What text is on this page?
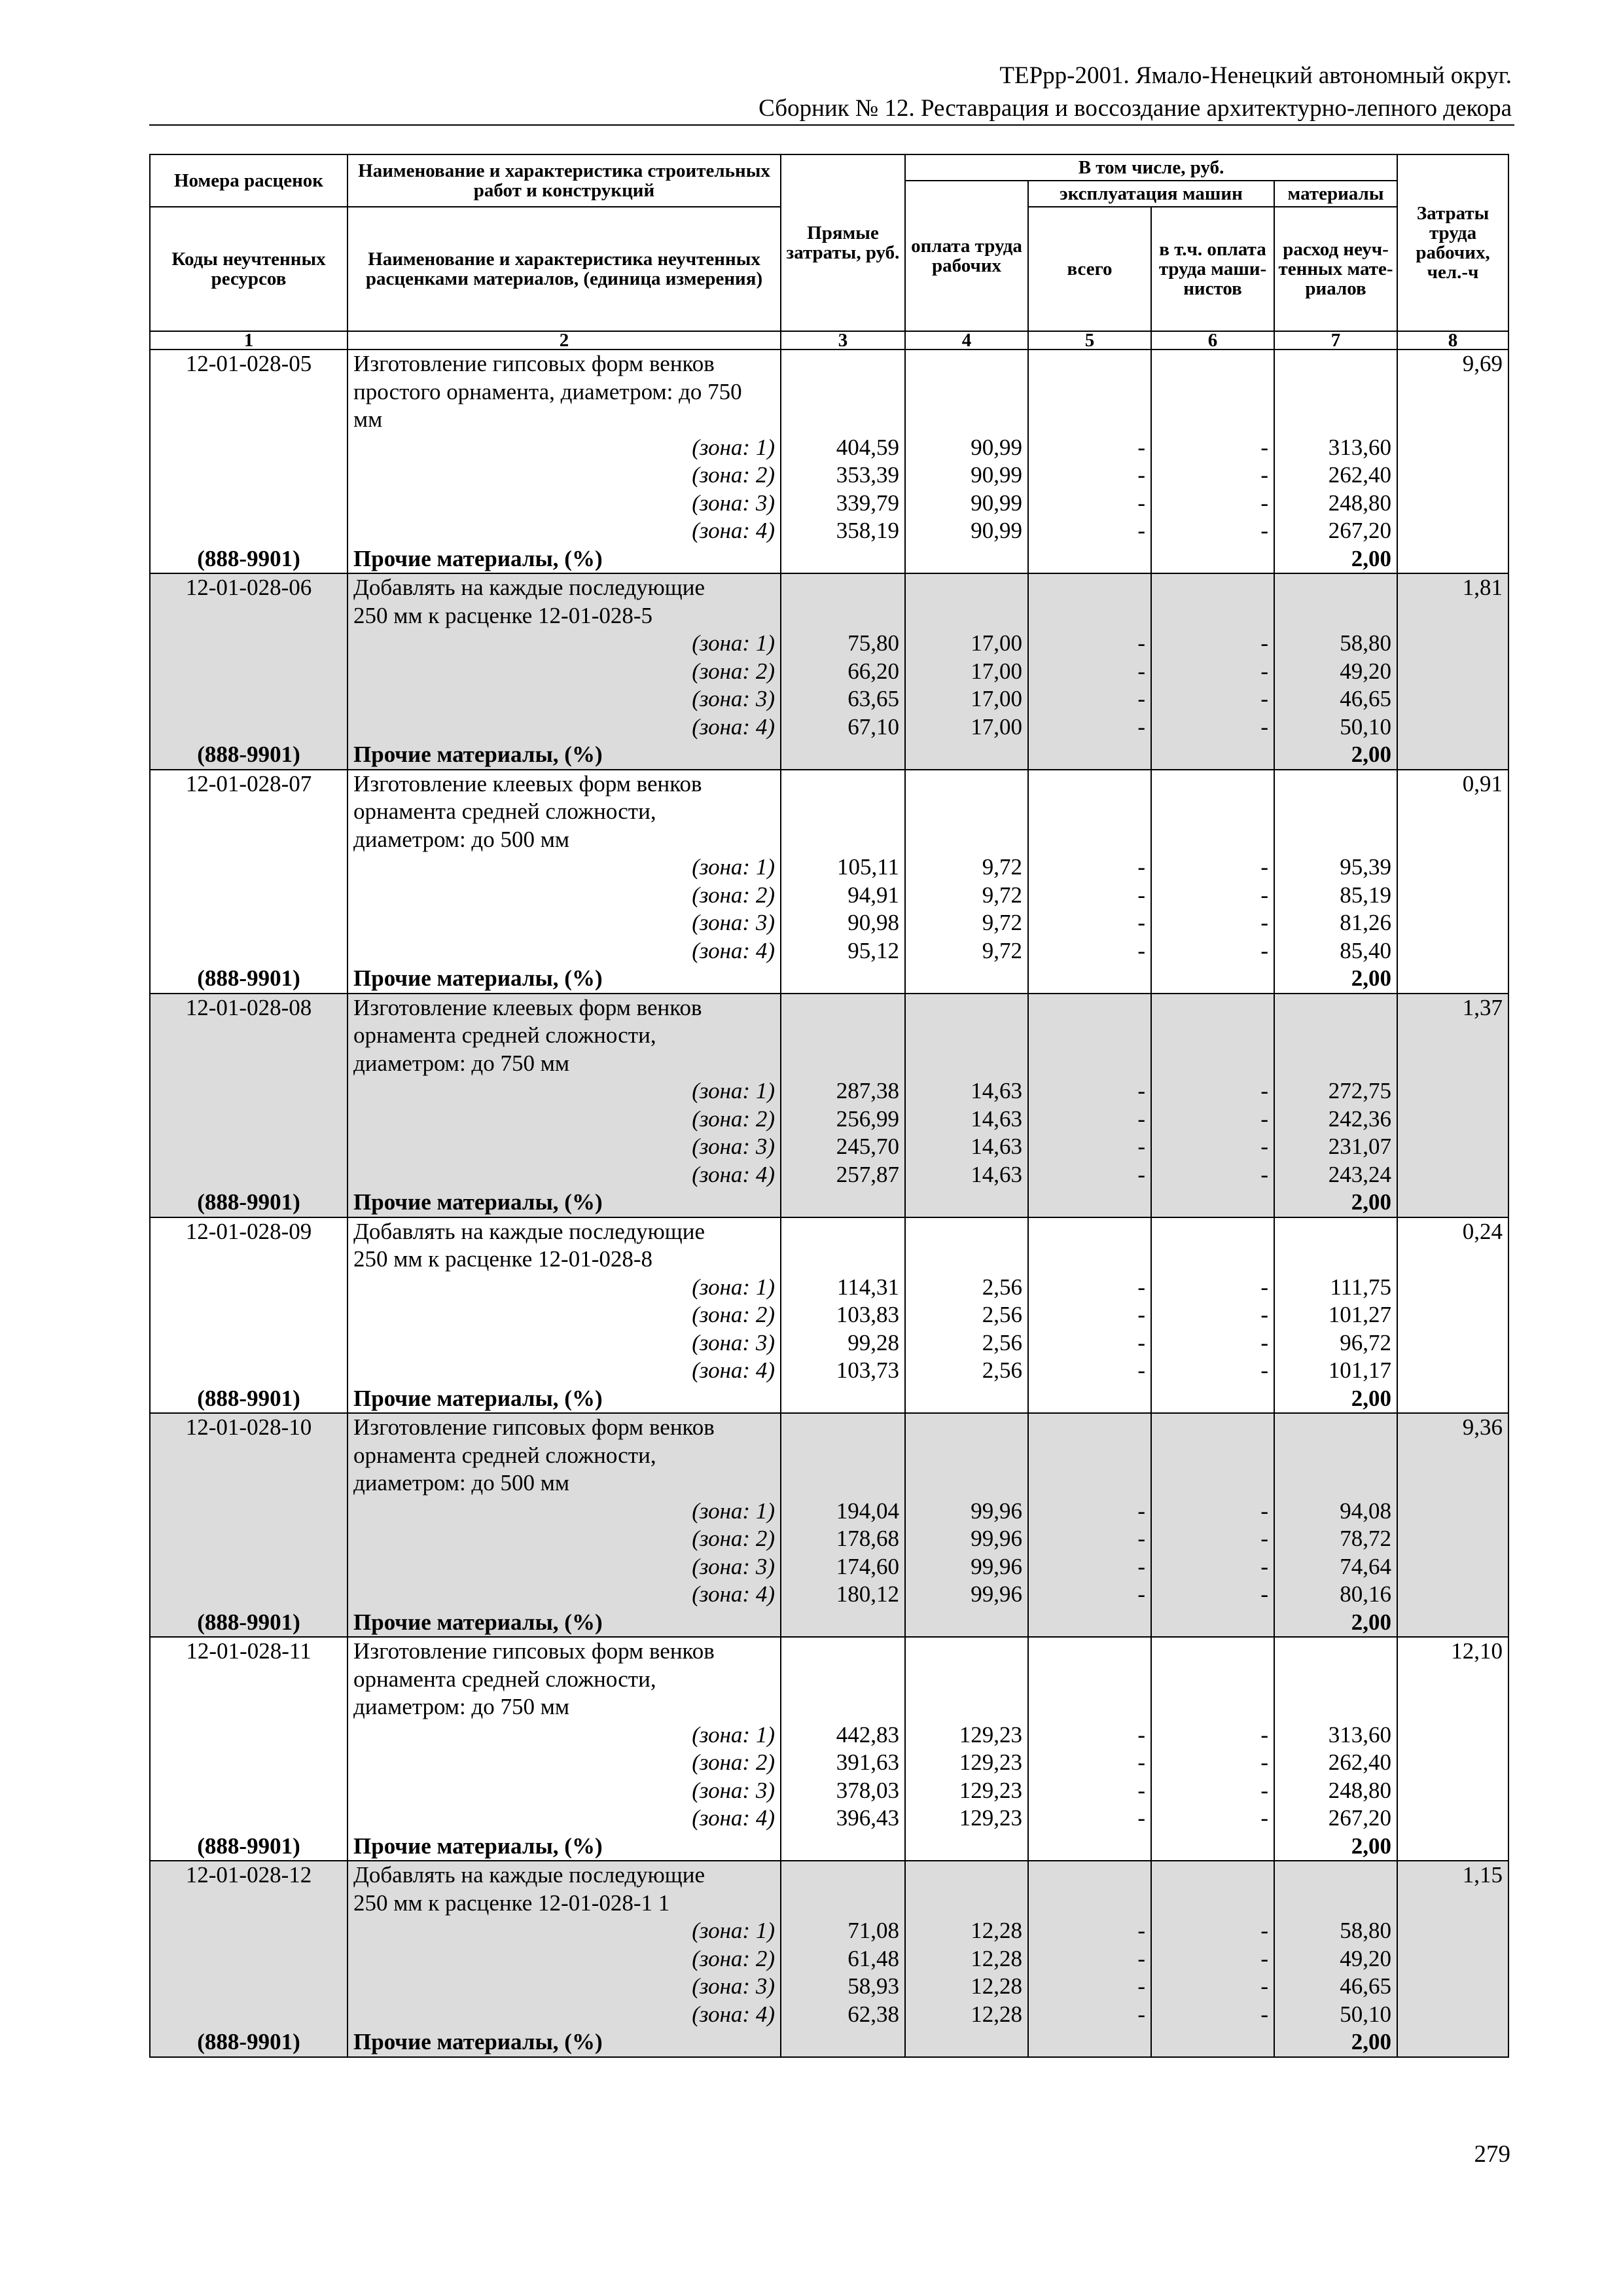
ТЕРрр-2001. Ямало-Ненецкий автономный округ.
Сборник № 12. Реставрация и воссоздание архитектурно-лепного декора
Номера расценок	Наименование и характеристика строительных работ и конструкций	Прямые затраты, руб.	В том числе, руб.				Затраты труда рабочих, чел.-ч
			оплата труда рабочих	эксплуатация машин		материалы	
Коды неучтенных ресурсов	Наименование и характеристика неучтенных расценками материалов, (единица измерения)			всего	в т.ч. оплата труда маши- нистов	расход неуч- тенных мате- риалов	
1	2	3	4	5	6	7	8
12-01-028-05	Изготовление гипсовых форм венков						9,69
	простого орнамента, диаметром: до 750						
	мм						
	(зона: 1)	404,59	90,99	-	-	313,60	
	(зона: 2)	353,39	90,99	-	-	262,40	
	(зона: 3)	339,79	90,99	-	-	248,80	
	(зона: 4)	358,19	90,99	-	-	267,20	
(888-9901)	Прочие материалы, (%)					2,00	
12-01-028-06	Добавлять на каждые последующие						1,81
	250 мм к расценке 12-01-028-5						
	(зона: 1)	75,80	17,00	-	-	58,80	
	(зона: 2)	66,20	17,00	-	-	49,20	
	(зона: 3)	63,65	17,00	-	-	46,65	
	(зона: 4)	67,10	17,00	-	-	50,10	
(888-9901)	Прочие материалы, (%)					2,00	
12-01-028-07	Изготовление клеевых форм венков						0,91
	орнамента средней сложности,						
	диаметром: до 500 мм						
	(зона: 1)	105,11	9,72	-	-	95,39	
	(зона: 2)	94,91	9,72	-	-	85,19	
	(зона: 3)	90,98	9,72	-	-	81,26	
	(зона: 4)	95,12	9,72	-	-	85,40	
(888-9901)	Прочие материалы, (%)					2,00	
12-01-028-08	Изготовление клеевых форм венков						1,37
	орнамента средней сложности,						
	диаметром: до 750 мм						
	(зона: 1)	287,38	14,63	-	-	272,75	
	(зона: 2)	256,99	14,63	-	-	242,36	
	(зона: 3)	245,70	14,63	-	-	231,07	
	(зона: 4)	257,87	14,63	-	-	243,24	
(888-9901)	Прочие материалы, (%)					2,00	
12-01-028-09	Добавлять на каждые последующие						0,24
	250 мм к расценке 12-01-028-8						
	(зона: 1)	114,31	2,56	-	-	111,75	
	(зона: 2)	103,83	2,56	-	-	101,27	
	(зона: 3)	99,28	2,56	-	-	96,72	
	(зона: 4)	103,73	2,56	-	-	101,17	
(888-9901)	Прочие материалы, (%)					2,00	
12-01-028-10	Изготовление гипсовых форм венков						9,36
	орнамента средней сложности,						
	диаметром: до 500 мм						
	(зона: 1)	194,04	99,96	-	-	94,08	
	(зона: 2)	178,68	99,96	-	-	78,72	
	(зона: 3)	174,60	99,96	-	-	74,64	
	(зона: 4)	180,12	99,96	-	-	80,16	
(888-9901)	Прочие материалы, (%)					2,00	
12-01-028-11	Изготовление гипсовых форм венков						12,10
	орнамента средней сложности,						
	диаметром: до 750 мм						
	(зона: 1)	442,83	129,23	-	-	313,60	
	(зона: 2)	391,63	129,23	-	-	262,40	
	(зона: 3)	378,03	129,23	-	-	248,80	
	(зона: 4)	396,43	129,23	-	-	267,20	
(888-9901)	Прочие материалы, (%)					2,00	
12-01-028-12	Добавлять на каждые последующие						1,15
	250 мм к расценке 12-01-028-1 1						
	(зона: 1)	71,08	12,28	-	-	58,80	
	(зона: 2)	61,48	12,28	-	-	49,20	
	(зона: 3)	58,93	12,28	-	-	46,65	
	(зона: 4)	62,38	12,28	-	-	50,10	
(888-9901)	Прочие материалы, (%)					2,00	
279
